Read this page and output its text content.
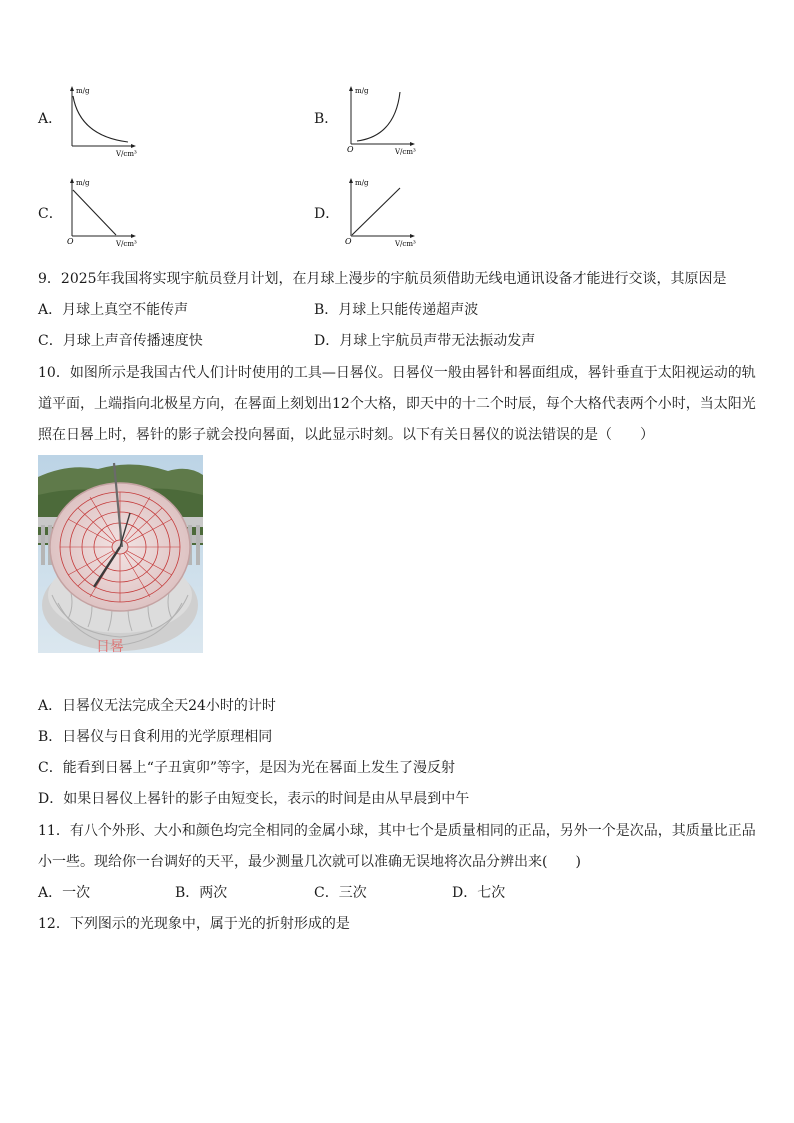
A．
m/g
V/cm³
B．
m/g
V/cm³
O
C．
m/g
V/cm³
O
D．
m/g
V/cm³
O
9．2025年我国将实现宇航员登月计划，在月球上漫步的宇航员须借助无线电通讯设备才能进行交谈，其原因是
A．月球上真空不能传声	B．月球上只能传递超声波
C．月球上声音传播速度快	D．月球上宇航员声带无法振动发声
10．如图所示是我国古代人们计时使用的工具—日晷仪。日晷仪一般由晷针和晷面组成，晷针垂直于太阳视运动的轨
道平面，上端指向北极星方向，在晷面上刻划出12个大格，即天中的十二个时辰，每个大格代表两个小时，当太阳光
照在日晷上时，晷针的影子就会投向晷面，以此显示时刻。以下有关日晷仪的说法错误的是（　　）
日晷
A．日晷仪无法完成全天24小时的计时
B．日晷仪与日食利用的光学原理相同
C．能看到日晷上“子丑寅卯”等字，是因为光在晷面上发生了漫反射
D．如果日晷仪上晷针的影子由短变长，表示的时间是由从早晨到中午
11．有八个外形、大小和颜色均完全相同的金属小球，其中七个是质量相同的正品，另外一个是次品，其质量比正品
小一些。现给你一台调好的天平，最少测量几次就可以准确无误地将次品分辨出来(　　)
A．一次	B．两次	C．三次	D．七次
12．下列图示的光现象中，属于光的折射形成的是
